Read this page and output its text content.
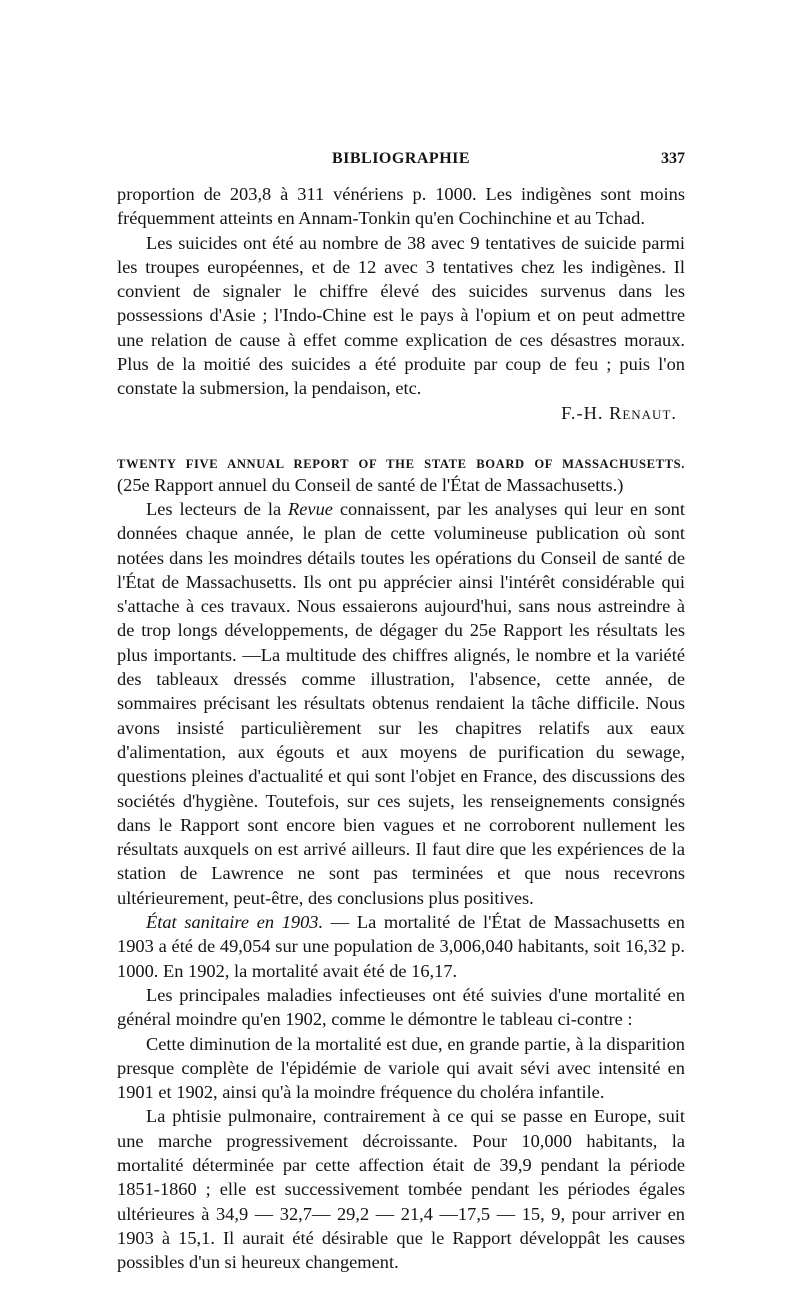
BIBLIOGRAPHIE	337

proportion de 203,8 à 311 vénériens p. 1000. Les indigènes sont moins fréquemment atteints en Annam-Tonkin qu'en Cochinchine et au Tchad.

Les suicides ont été au nombre de 38 avec 9 tentatives de suicide parmi les troupes européennes, et de 12 avec 3 tentatives chez les indigènes. Il convient de signaler le chiffre élevé des suicides survenus dans les possessions d'Asie ; l'Indo-Chine est le pays à l'opium et on peut admettre une relation de cause à effet comme explication de ces désastres moraux. Plus de la moitié des suicides a été produite par coup de feu ; puis l'on constate la submersion, la pendaison, etc.

F.-H. Renaut.

TWENTY FIVE ANNUAL REPORT OF THE STATE BOARD OF MASSACHUSETTS.

(25e Rapport annuel du Conseil de santé de l'État de Massachusetts.)

Les lecteurs de la Revue connaissent, par les analyses qui leur en sont données chaque année, le plan de cette volumineuse publication où sont notées dans les moindres détails toutes les opérations du Conseil de santé de l'État de Massachusetts. Ils ont pu apprécier ainsi l'intérêt considérable qui s'attache à ces travaux. Nous essaierons aujourd'hui, sans nous astreindre à de trop longs développements, de dégager du 25e Rapport les résultats les plus importants. —La multitude des chiffres alignés, le nombre et la variété des tableaux dressés comme illustration, l'absence, cette année, de sommaires précisant les résultats obtenus rendaient la tâche difficile. Nous avons insisté particulièrement sur les chapitres relatifs aux eaux d'alimentation, aux égouts et aux moyens de purification du sewage, questions pleines d'actualité et qui sont l'objet en France, des discussions des sociétés d'hygiène. Toutefois, sur ces sujets, les renseignements consignés dans le Rapport sont encore bien vagues et ne corroborent nullement les résultats auxquels on est arrivé ailleurs. Il faut dire que les expériences de la station de Lawrence ne sont pas terminées et que nous recevrons ultérieurement, peut-être, des conclusions plus positives.

État sanitaire en 1903. — La mortalité de l'État de Massachusetts en 1903 a été de 49,054 sur une population de 3,006,040 habitants, soit 16,32 p. 1000. En 1902, la mortalité avait été de 16,17.

Les principales maladies infectieuses ont été suivies d'une mortalité en général moindre qu'en 1902, comme le démontre le tableau ci-contre :

Cette diminution de la mortalité est due, en grande partie, à la disparition presque complète de l'épidémie de variole qui avait sévi avec intensité en 1901 et 1902, ainsi qu'à la moindre fréquence du choléra infantile.

La phtisie pulmonaire, contrairement à ce qui se passe en Europe, suit une marche progressivement décroissante. Pour 10,000 habitants, la mortalité déterminée par cette affection était de 39,9 pendant la période 1851-1860 ; elle est successivement tombée pendant les périodes égales ultérieures à 34,9 — 32,7— 29,2 — 21,4 —17,5 — 15, 9, pour arriver en 1903 à 15,1. Il aurait été désirable que le Rapport développât les causes possibles d'un si heureux changement.
